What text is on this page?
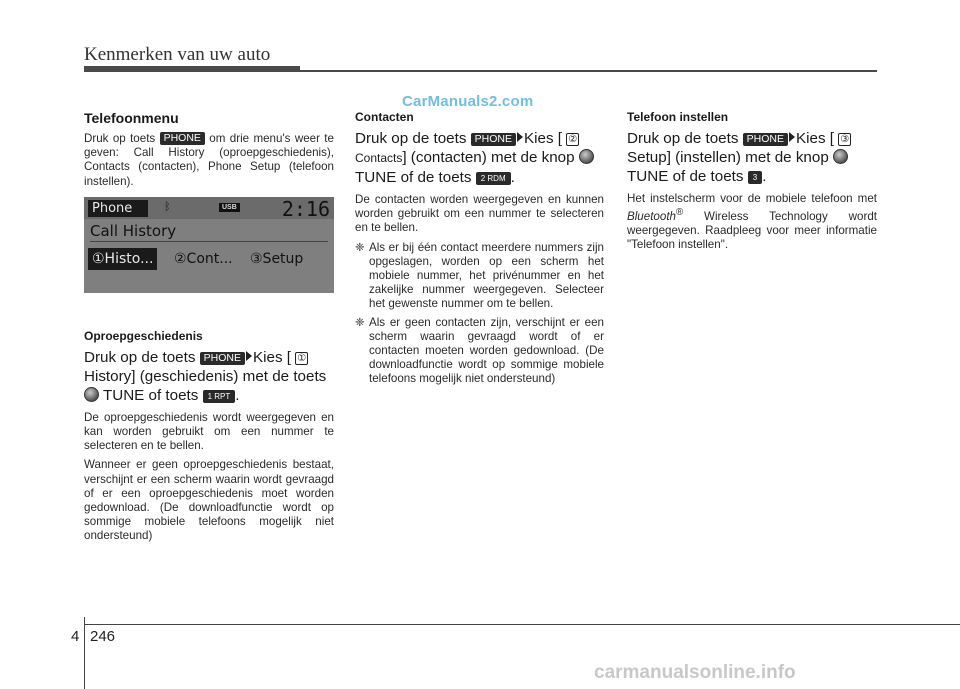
Kenmerken van uw auto
CarManuals2.com
Telefoonmenu

Druk op toets PHONE om drie menu's weer te geven: Call History (oproepgeschiedenis), Contacts (contacten), Phone Setup (telefoon instellen).

Phone	ᛒ	USB 2:16
Call History
①Histo... ②Cont... ③Setup
Oproepgeschiedenis

Druk op de toets PHONE Kies [ ① History] (geschiedenis) met de toets  TUNE of toets 1 RPT .

De oproepgeschiedenis wordt weergegeven en kan worden gebruikt om een nummer te selecteren en te bellen.

Wanneer er geen oproepgeschiedenis bestaat, verschijnt er een scherm waarin wordt gevraagd of er een oproepgeschiedenis moet worden gedownload. (De downloadfunctie wordt op sommige mobiele telefoons mogelijk niet ondersteund)

Contacten

Druk op de toets PHONE Kies [ ② Contacts] (contacten) met de knop  TUNE of de toets 2 RDM .

De contacten worden weergegeven en kunnen worden gebruikt om een nummer te selecteren en te bellen.

❈ Als er bij één contact meerdere nummers zijn opgeslagen, worden op een scherm het mobiele nummer, het privénummer en het zakelijke nummer weergegeven. Selecteer het gewenste nummer om te bellen.
❈ Als er geen contacten zijn, verschijnt er een scherm waarin gevraagd wordt of er contacten moeten worden gedownload. (De downloadfunctie wordt op sommige mobiele telefoons mogelijk niet ondersteund)
Telefoon instellen

Druk op de toets PHONE Kies [ ③ Setup] (instellen) met de knop  TUNE of de toets 3 .

Het instelscherm voor de mobiele telefoon met Bluetooth® Wireless Technology wordt weergegeven. Raadpleeg voor meer informatie "Telefoon instellen".

4 246
carmanualsonline.info
